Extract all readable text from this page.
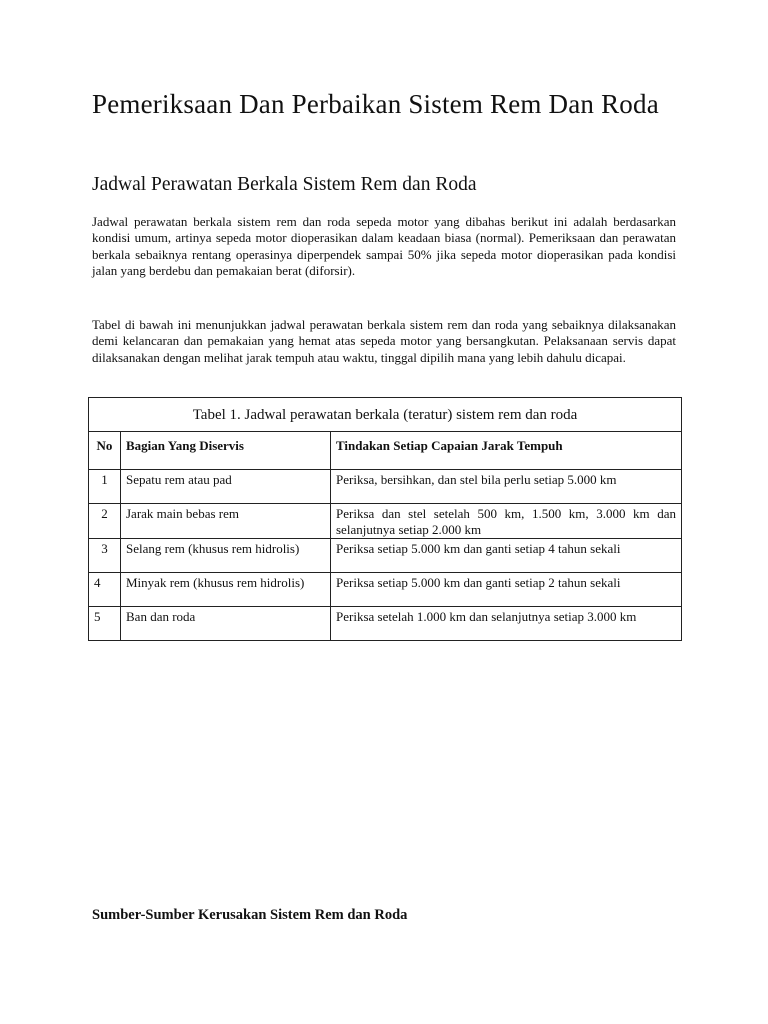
Pemeriksaan Dan Perbaikan Sistem Rem Dan Roda
Jadwal Perawatan Berkala Sistem Rem dan Roda

Jadwal perawatan berkala sistem rem dan roda sepeda motor yang dibahas berikut ini adalah berdasarkan kondisi umum, artinya sepeda motor dioperasikan dalam keadaan biasa (normal). Pemeriksaan dan perawatan berkala sebaiknya rentang operasinya diperpendek sampai 50% jika sepeda motor dioperasikan pada kondisi jalan yang berdebu dan pemakaian berat (diforsir).

Tabel di bawah ini menunjukkan jadwal perawatan berkala sistem rem dan roda yang sebaiknya dilaksanakan demi kelancaran dan pemakaian yang hemat atas sepeda motor yang bersangkutan. Pelaksanaan servis dapat dilaksanakan dengan melihat jarak tempuh atau waktu, tinggal dipilih mana yang lebih dahulu dicapai.

Tabel 1. Jadwal perawatan berkala (teratur) sistem rem dan roda		
No	Bagian Yang Diservis	Tindakan Setiap Capaian Jarak Tempuh
1	Sepatu rem atau pad	Periksa, bersihkan, dan stel bila perlu setiap 5.000 km
2	Jarak main bebas rem	Periksa dan stel setelah 500 km, 1.500 km, 3.000 km dan selanjutnya setiap 2.000 km
3	Selang rem (khusus rem hidrolis)	Periksa setiap 5.000 km dan ganti setiap 4 tahun sekali
4	Minyak rem (khusus rem hidrolis)	Periksa setiap 5.000 km dan ganti setiap 2 tahun sekali
5	Ban dan roda	Periksa setelah 1.000 km dan selanjutnya setiap 3.000 km

Sumber-Sumber Kerusakan Sistem Rem dan Roda
